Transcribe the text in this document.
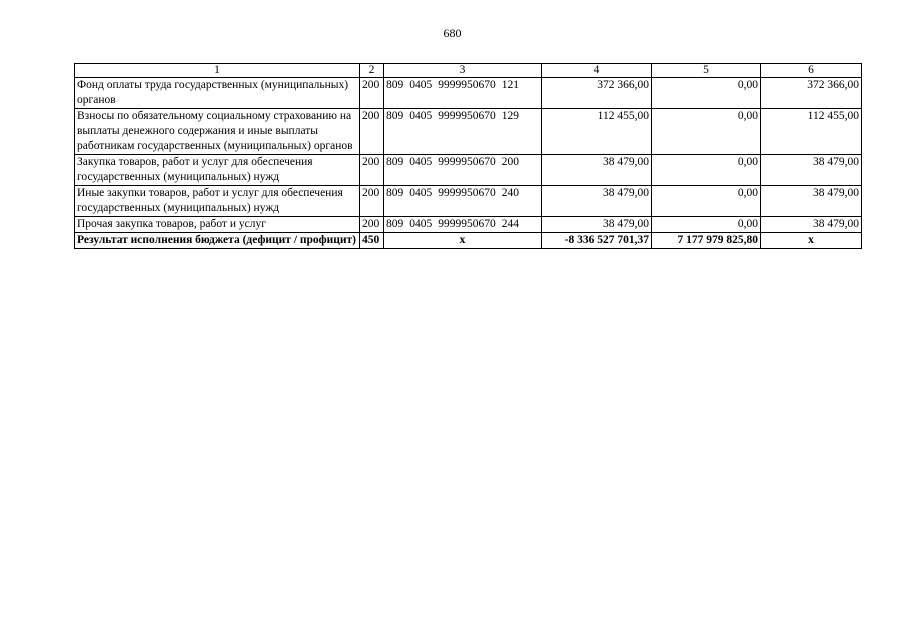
680
1	2	3	4	5	6
Фонд оплаты труда государственных (муниципальных) органов	200	809 0405 9999950670 121	372 366,00	0,00	372 366,00
Взносы по обязательному социальному страхованию на выплаты денежного содержания и иные выплаты работникам государственных (муниципальных) органов	200	809 0405 9999950670 129	112 455,00	0,00	112 455,00
Закупка товаров, работ и услуг для обеспечения государственных (муниципальных) нужд	200	809 0405 9999950670 200	38 479,00	0,00	38 479,00
Иные закупки товаров, работ и услуг для обеспечения государственных (муниципальных) нужд	200	809 0405 9999950670 240	38 479,00	0,00	38 479,00
Прочая закупка товаров, работ и услуг	200	809 0405 9999950670 244	38 479,00	0,00	38 479,00
Результат исполнения бюджета (дефицит / профицит)	450	x	-8 336 527 701,37	7 177 979 825,80	x
